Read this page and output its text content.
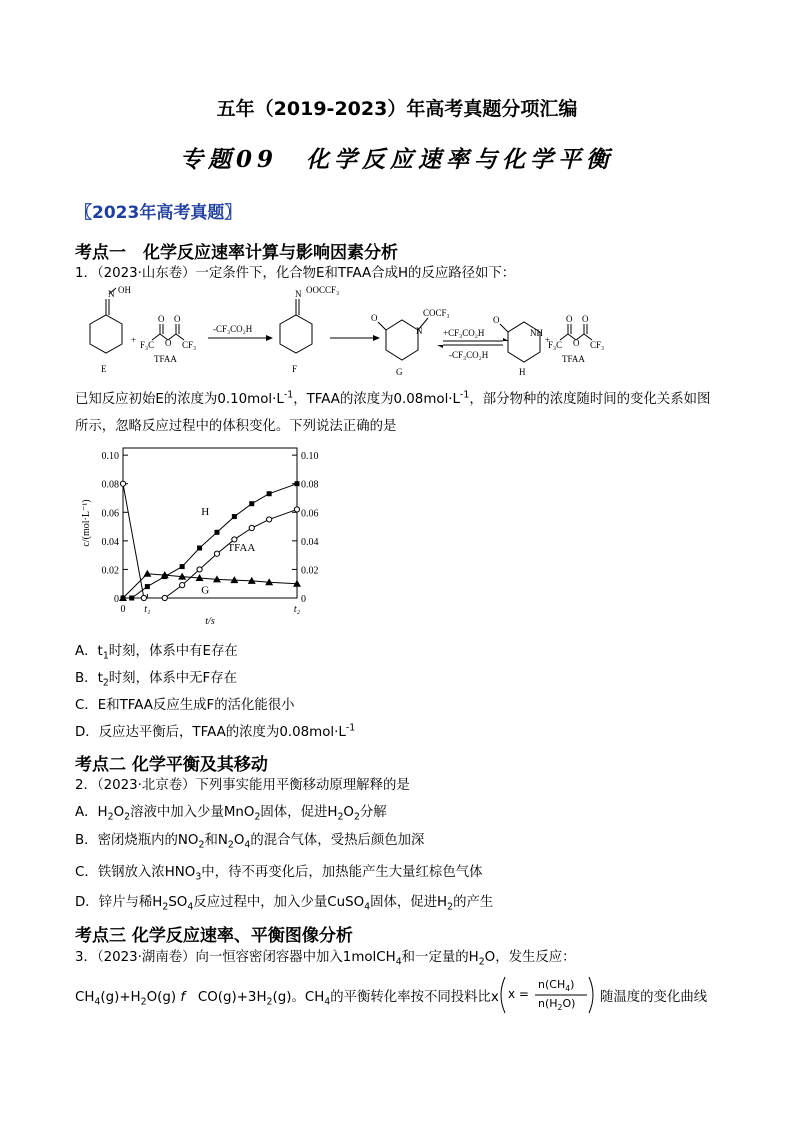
五年（2019-2023）年高考真题分项汇编
专题09　化学反应速率与化学平衡
〖2023年高考真题〗
考点一　化学反应速率计算与影响因素分析
1．（2023·山东卷）一定条件下，化合物E和TFAA合成H的反应路径如下：
N OH
E
+ F₃C
O
O
O
CF₃
TFAA
-CF₃CO₂H
N OOCCF₃
F
O
N
COCF₃
G
+CF₃CO₂H
-CF₃CO₂H
O
NH
H
+
F₃C
O
O
O
CF₃
TFAA
已知反应初始E的浓度为$0.10mol\cdot L^{-1}$，TFAA的浓度为$0.08mol\cdot L^{-1}$，部分物种的浓度随时间的变化关系如图
所示，忽略反应过程中的体积变化。下列说法正确的是
0	0
0.02	0.02
0.04	0.04
0.06	0.06
0.08	0.08
0.10	0.10
0 t₁	t₂
t/s
c/(mol·L⁻¹)	H
TFAA
G
A．$t_1$时刻，体系中有E存在
B．$t_2$时刻，体系中无F存在
C．E和TFAA反应生成F的活化能很小
D．反应达平衡后，TFAA的浓度为$0.08mol\cdot L^{-1}$
考点二 化学平衡及其移动
2．（2023·北京卷）下列事实能用平衡移动原理解释的是
A．$H_2O_2$溶液中加入少量MnO$_2$固体，促进$H_2O_2$分解
B．密闭烧瓶内的$NO_2$和$N_2O_4$的混合气体，受热后颜色加深
C．铁钢放入浓$HNO_3$中，待不再变化后，加热能产生大量红棕色气体
D．锌片与稀$H_2SO_4$反应过程中，加入少量CuSO$_4$固体，促进$H_2$的产生
考点三 化学反应速率、平衡图像分析
3．（2023·湖南卷）向一恒容密闭容器中加入1molCH$_4$和一定量的$H_2O$，发生反应：
$CH_4(g)+H_2O(g)$ f $CO(g)+3H_2(g)$。$CH_4$的平衡转化率按不同投料比x x =
$n(CH_4)$
$n(H_2O)$ 随温度的变化曲线
